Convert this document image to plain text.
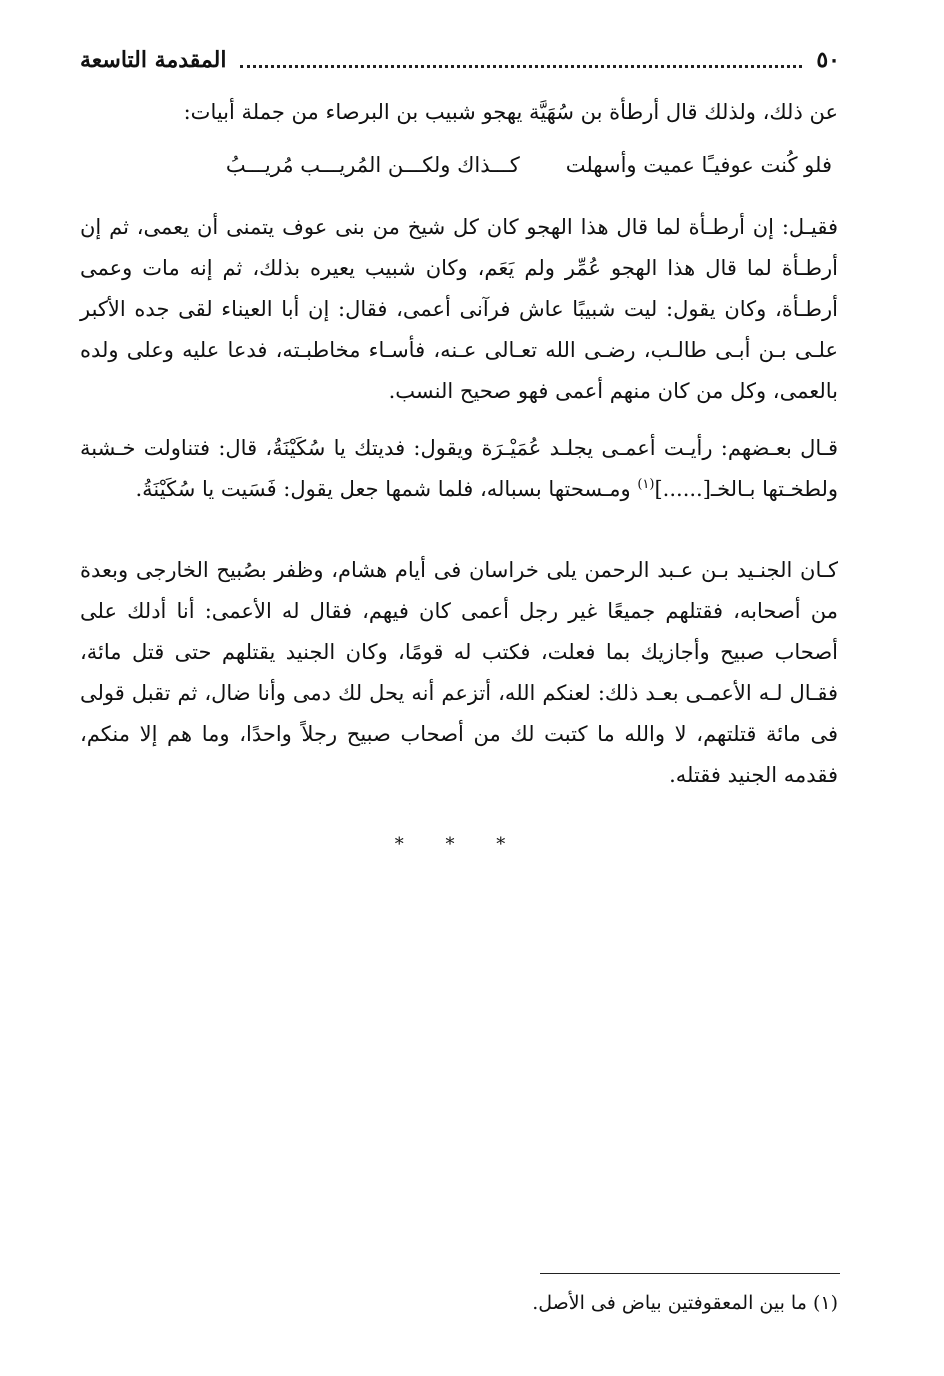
٥٠
المقدمة التاسعة

عن ذلك، ولذلك قال أرطأة بن سُهَيَّة يهجو شبيب بن البرصاء من جملة أبيات:

فلو كُنت عوفيـًا عميت وأسهلت
كـــذاك ولكـــن المُريـــب مُريـــبُ

فقيـل: إن أرطـأة لما قال هذا الهجو كان كل شيخ من بنى عوف يتمنى أن يعمى، ثم إن أرطـأة لما قال هذا الهجو عُمِّر ولم يَعَم، وكان شبيب يعيره بذلك، ثم إنه مات وعمى أرطـأة، وكان يقول: ليت شبيبًا عاش فرآنى أعمى، فقال: إن أبا العيناء لقى جده الأكبر علـى بـن أبـى طالـب، رضـى الله تعـالى عـنه، فأسـاء مخاطبـته، فدعا عليه وعلى ولده بالعمى، وكل من كان منهم أعمى فهو صحيح النسب.

قـال بعـضهم: رأيـت أعمـى يجلـد عُمَيْـرَة ويقول: فديتك يا سُكَيْنَةُ، قال: فتناولت خـشبة ولطخـتها بـالخـ[......]$^{(١)}$ ومـسحتها بسباله، فلما شمها جعل يقول: فَسَيت يا سُكَيْنَةُ.

كـان الجنـيد بـن عـبد الرحمن يلى خراسان فى أيام هشام، وظفر بصُبيح الخارجى وبعدة من أصحابه، فقتلهم جميعًا غير رجل أعمى كان فيهم، فقال له الأعمى: أنا أدلك على أصحاب صبيح وأجازيك بما فعلت، فكتب له قومًا، وكان الجنيد يقتلهم حتى قتل مائة، فقـال لـه الأعمـى بعـد ذلك: لعنكم الله، أتزعم أنه يحل لك دمى وأنا ضال، ثم تقبل قولى فى مائة قتلتهم، لا والله ما كتبت لك من أصحاب صبيح رجلاً واحدًا، وما هم إلا منكم، فقدمه الجنيد فقتله.

* * *
(١) ما بين المعقوفتين بياض فى الأصل.
